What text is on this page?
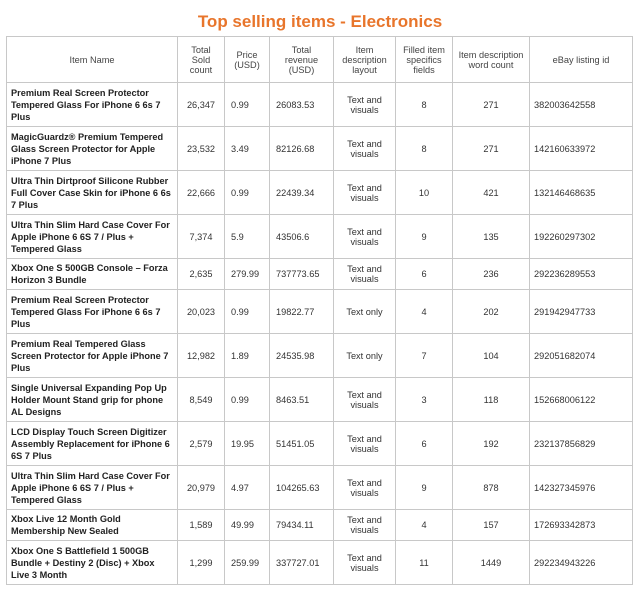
Top selling items - Electronics
Item Name	Total Sold count	Price (USD)	Total revenue (USD)	Item description layout	Filled item specifics fields	Item description word count	eBay listing id
Premium Real Screen Protector Tempered Glass For iPhone 6 6s 7 Plus	26,347	0.99	26083.53	Text and visuals	8	271	382003642558
MagicGuardz® Premium Tempered Glass Screen Protector for Apple iPhone 7 Plus	23,532	3.49	82126.68	Text and visuals	8	271	142160633972
Ultra Thin Dirtproof Silicone Rubber Full Cover Case Skin for iPhone 6 6s 7 Plus	22,666	0.99	22439.34	Text and visuals	10	421	132146468635
Ultra Thin Slim Hard Case Cover For Apple iPhone 6 6S 7 / Plus + Tempered Glass	7,374	5.9	43506.6	Text and visuals	9	135	192260297302
Xbox One S 500GB Console – Forza Horizon 3 Bundle	2,635	279.99	737773.65	Text and visuals	6	236	292236289553
Premium Real Screen Protector Tempered Glass For iPhone 6 6s 7 Plus	20,023	0.99	19822.77	Text only	4	202	291942947733
Premium Real Tempered Glass Screen Protector for Apple iPhone 7 Plus	12,982	1.89	24535.98	Text only	7	104	292051682074
Single Universal Expanding Pop Up Holder Mount Stand grip for phone AL Designs	8,549	0.99	8463.51	Text and visuals	3	118	152668006122
LCD Display Touch Screen Digitizer Assembly Replacement for iPhone 6 6S 7 Plus	2,579	19.95	51451.05	Text and visuals	6	192	232137856829
Ultra Thin Slim Hard Case Cover For Apple iPhone 6 6S 7 / Plus + Tempered Glass	20,979	4.97	104265.63	Text and visuals	9	878	142327345976
Xbox Live 12 Month Gold Membership New Sealed	1,589	49.99	79434.11	Text and visuals	4	157	172693342873
Xbox One S Battlefield 1 500GB Bundle + Destiny 2 (Disc) + Xbox Live 3 Month	1,299	259.99	337727.01	Text and visuals	11	1449	292234943226
